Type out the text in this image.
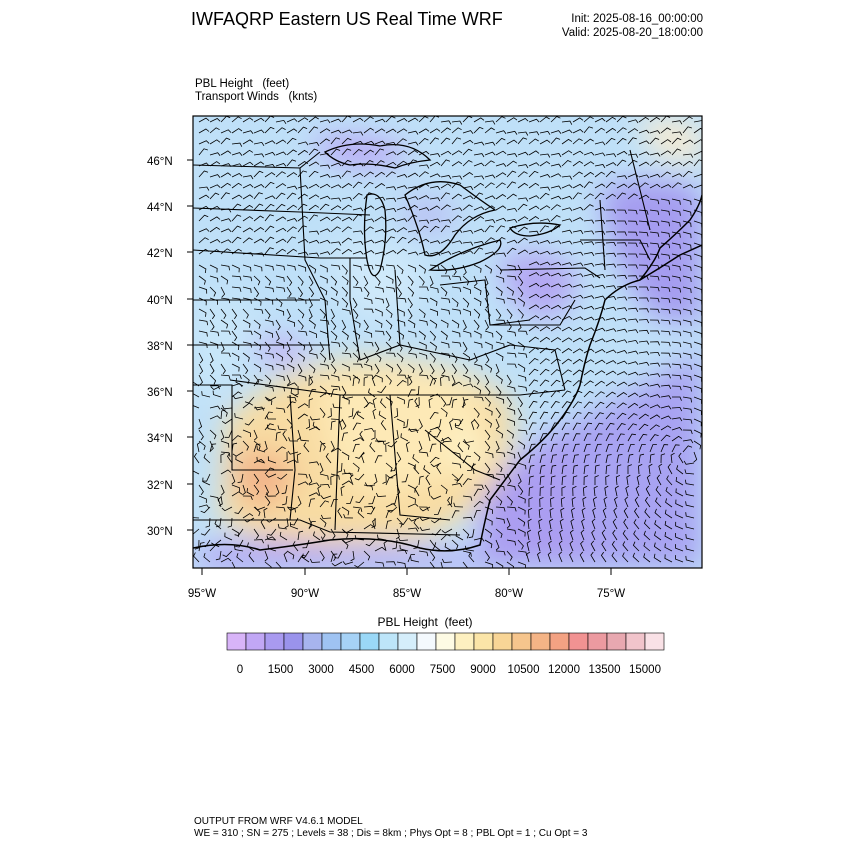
IWFAQRP Eastern US Real Time WRF	Init: 2025-08-16_00:00:00
Valid: 2025-08-20_18:00:00
PBL Height   (feet)
Transport Winds   (knts)
46°N
44°N
42°N
40°N
38°N
36°N
34°N
32°N
30°N
95°W	90°W	85°W	80°W	75°W
0 1500 3000 4500 6000 7500 9000 10500 12000 13500 15000
PBL Height  (feet)
OUTPUT FROM WRF V4.6.1 MODEL
WE = 310 ; SN = 275 ; Levels = 38 ; Dis = 8km ; Phys Opt = 8 ; PBL Opt = 1 ; Cu Opt = 3
